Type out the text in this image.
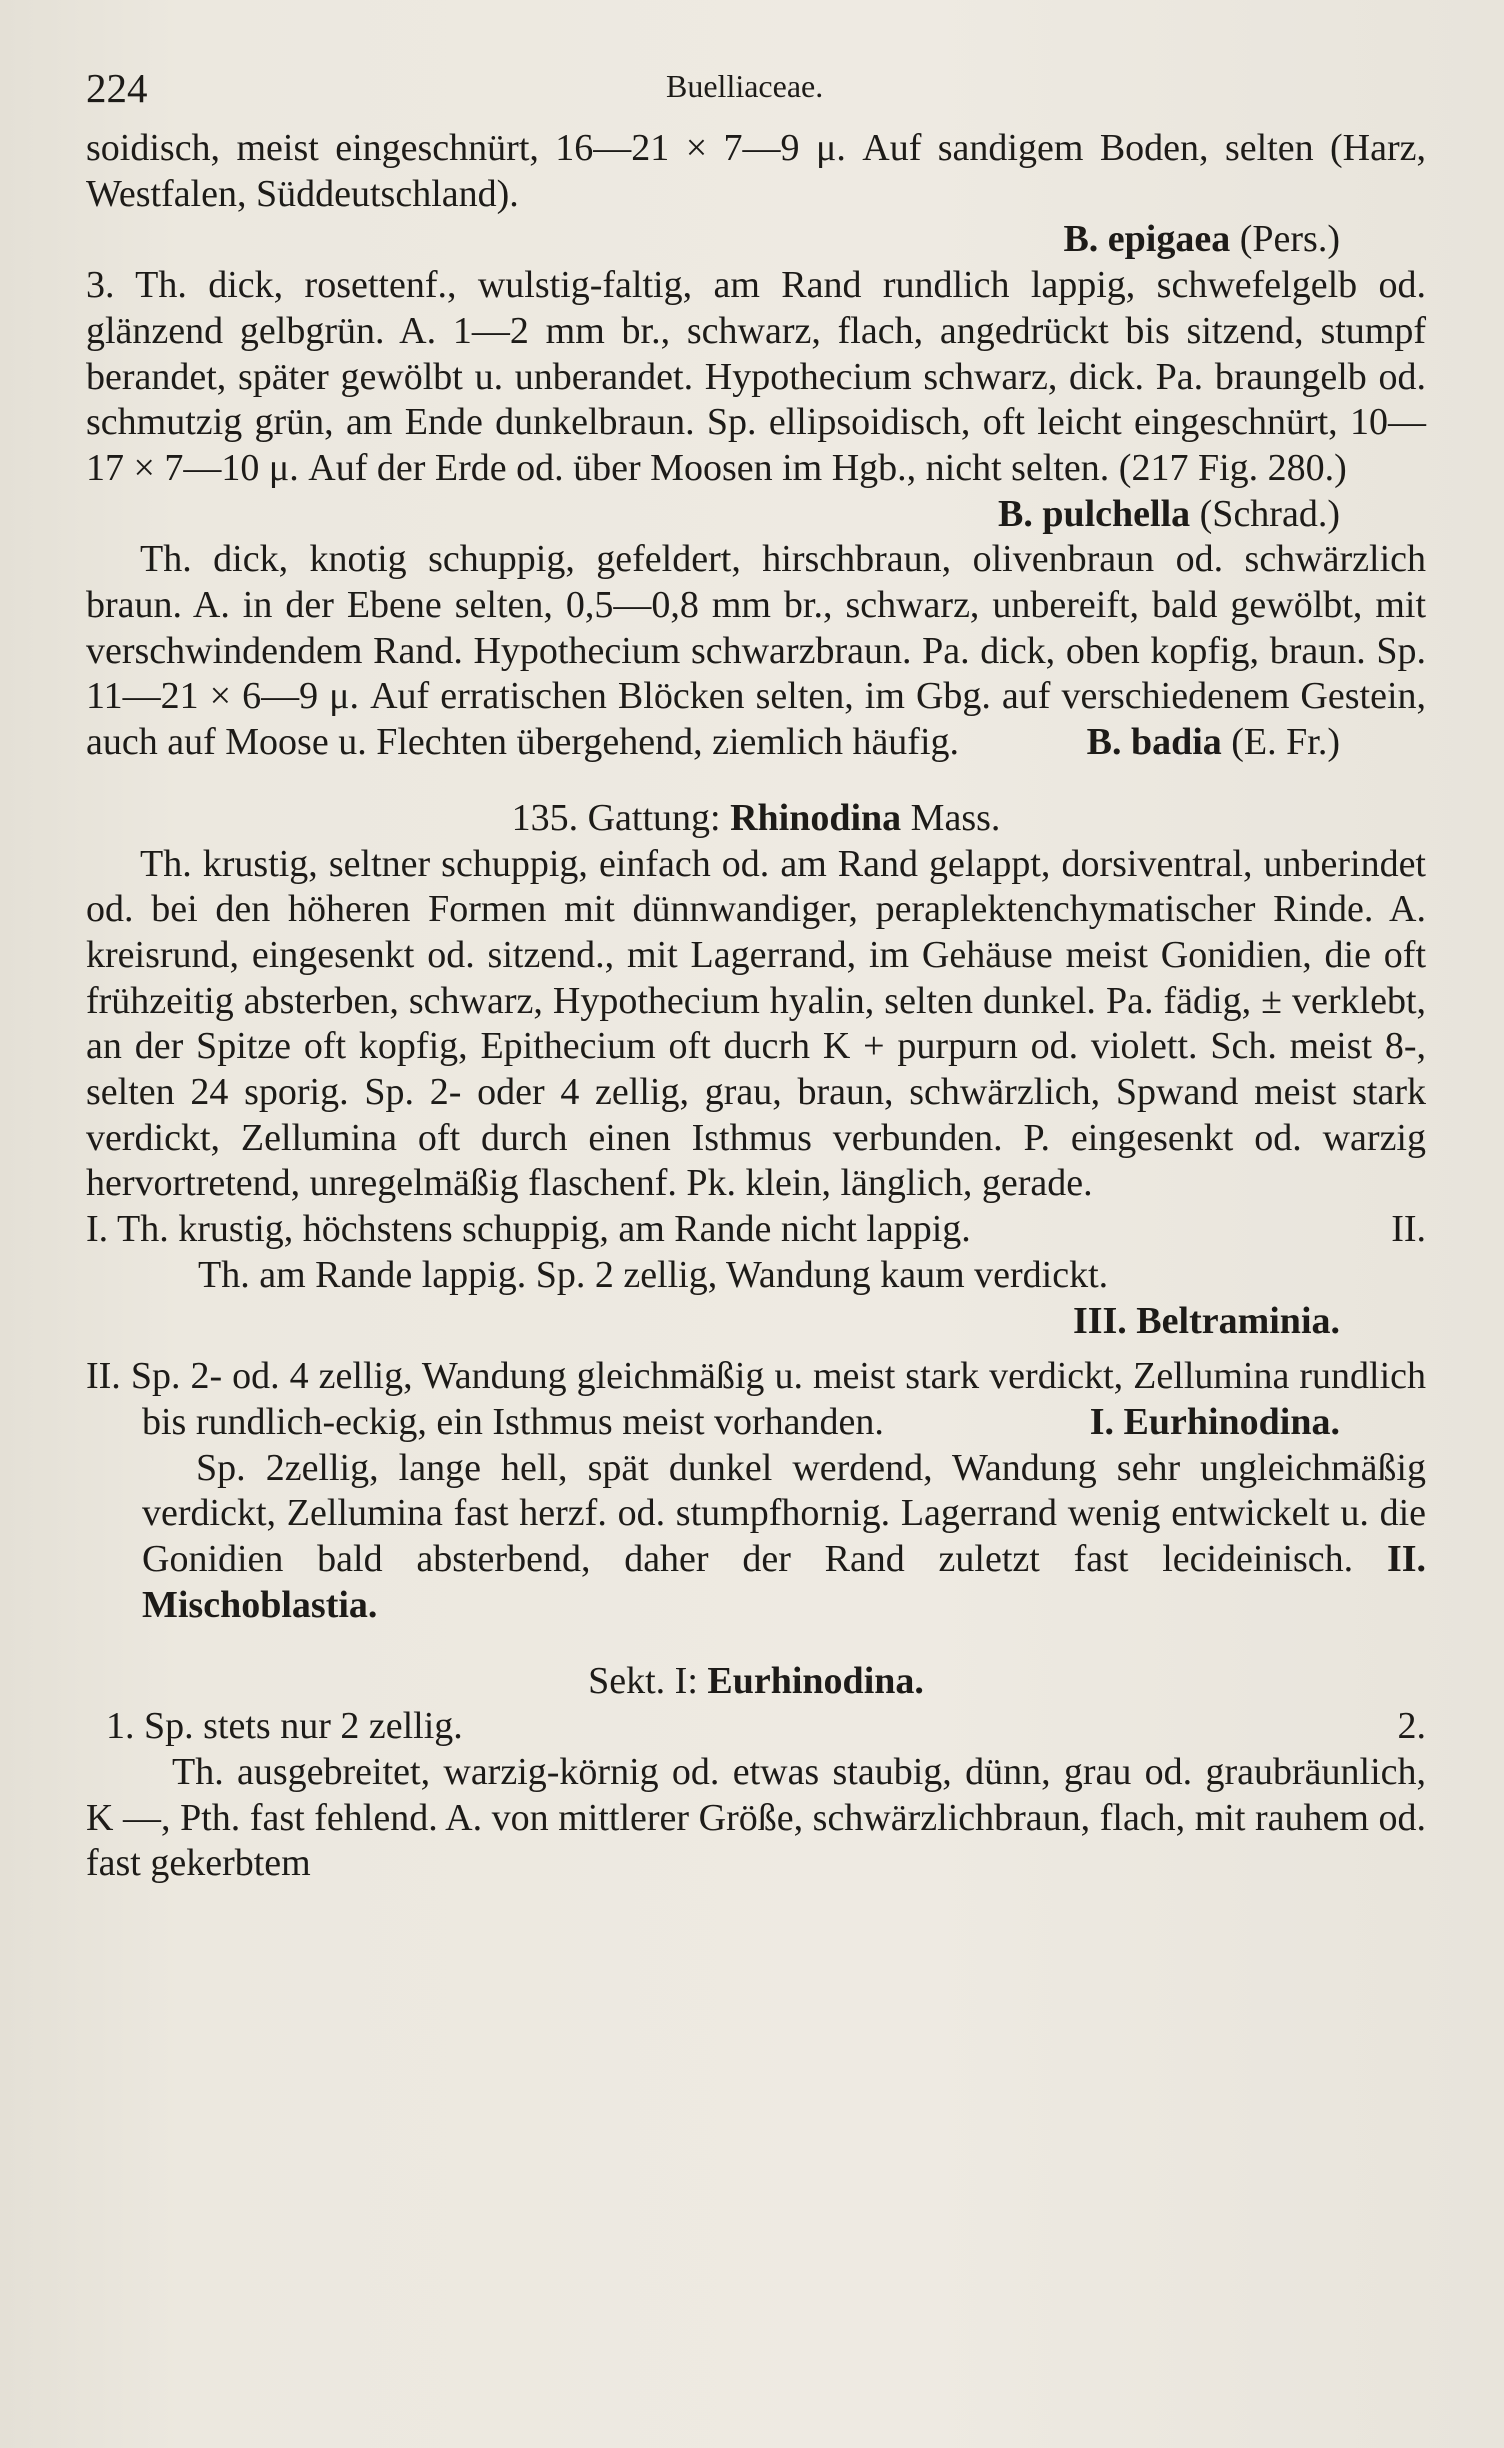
224	Buelliaceae.

soidisch, meist eingeschnürt, 16—21 × 7—9 μ. Auf sandigem Boden, selten (Harz, Westfalen, Süddeutschland).

B. epigaea (Pers.)

3. Th. dick, rosettenf., wulstig-faltig, am Rand rundlich lappig, schwefelgelb od. glänzend gelbgrün. A. 1—2 mm br., schwarz, flach, angedrückt bis sitzend, stumpf berandet, später gewölbt u. unberandet. Hypothecium schwarz, dick. Pa. braungelb od. schmutzig grün, am Ende dunkelbraun. Sp. ellipsoidisch, oft leicht eingeschnürt, 10—17 × 7—10 μ. Auf der Erde od. über Moosen im Hgb., nicht selten. (217 Fig. 280.)

B. pulchella (Schrad.)

Th. dick, knotig schuppig, gefeldert, hirschbraun, olivenbraun od. schwärzlich braun. A. in der Ebene selten, 0,5—0,8 mm br., schwarz, unbereift, bald gewölbt, mit verschwindendem Rand. Hypothecium schwarzbraun. Pa. dick, oben kopfig, braun. Sp. 11—21 × 6—9 μ. Auf erratischen Blöcken selten, im Gbg. auf verschiedenem Gestein, auch auf Moose u. Flechten übergehend, ziemlich häufig.	B. badia (E. Fr.)

135. Gattung: Rhinodina Mass.

Th. krustig, seltner schuppig, einfach od. am Rand gelappt, dorsiventral, unberindet od. bei den höheren Formen mit dünnwandiger, peraplektenchymatischer Rinde. A. kreisrund, eingesenkt od. sitzend., mit Lagerrand, im Gehäuse meist Gonidien, die oft frühzeitig absterben, schwarz, Hypothecium hyalin, selten dunkel. Pa. fädig, ± verklebt, an der Spitze oft kopfig, Epithecium oft ducrh K + purpurn od. violett. Sch. meist 8-, selten 24 sporig. Sp. 2- oder 4 zellig, grau, braun, schwärzlich, Spwand meist stark verdickt, Zellumina oft durch einen Isthmus verbunden. P. eingesenkt od. warzig hervortretend, unregelmäßig flaschenf. Pk. klein, länglich, gerade.

I. Th. krustig, höchstens schuppig, am Rande nicht lappig.	II.

Th. am Rande lappig. Sp. 2 zellig, Wandung kaum verdickt.

III. Beltraminia.

II. Sp. 2- od. 4 zellig, Wandung gleichmäßig u. meist stark verdickt, Zellumina rundlich bis rundlich-eckig, ein Isthmus meist vorhanden.	I. Eurhinodina.

Sp. 2zellig, lange hell, spät dunkel werdend, Wandung sehr ungleichmäßig verdickt, Zellumina fast herzf. od. stumpfhornig. Lagerrand wenig entwickelt u. die Gonidien bald absterbend, daher der Rand zuletzt fast lecideinisch. II. Mischoblastia.

Sekt. I: Eurhinodina.

1. Sp. stets nur 2 zellig.	2.

Th. ausgebreitet, warzig-körnig od. etwas staubig, dünn, grau od. graubräunlich, K —, Pth. fast fehlend. A. von mittlerer Größe, schwärzlichbraun, flach, mit rauhem od. fast gekerbtem
